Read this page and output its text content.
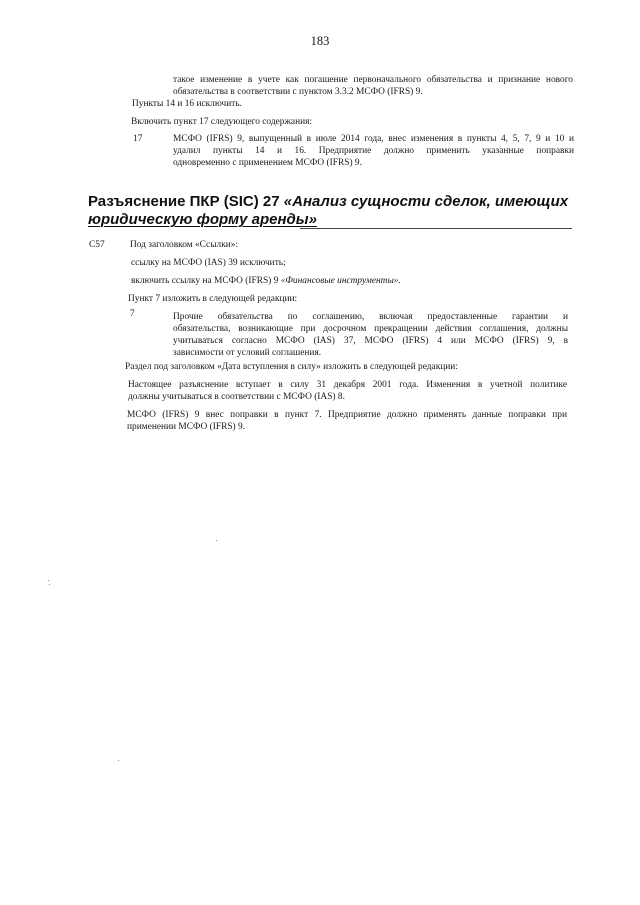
183
такое изменение в учете как погашение первоначального обязательства и признание нового
обязательства в соответствии с пунктом 3.3.2 МСФО (IFRS) 9.
Пункты 14 и 16 исключить.
Включить пункт 17 следующего содержания:
17	МСФО (IFRS) 9, выпущенный в июле 2014 года, внес изменения в пункты 4, 5, 7, 9 и 10 и
удалил пункты 14 и 16. Предприятие должно применить указанные поправки
одновременно с применением МСФО (IFRS) 9.
Разъяснение ПКР (SIC) 27 «Анализ сущности сделок, имеющих
юридическую форму аренды»
С57	Под заголовком «Ссылки»:
ссылку на МСФО (IAS) 39 исключить;
включить ссылку на МСФО (IFRS) 9 «Финансовые инструменты».
Пункт 7 изложить в следующей редакции:
7	Прочие обязательства по соглашению, включая предоставленные гарантии и
обязательства, возникающие при досрочном прекращении действия соглашения, должны
учитываться согласно МСФО (IAS) 37, МСФО (IFRS) 4 или МСФО (IFRS) 9, в
зависимости от условий соглашения.
Раздел под заголовком «Дата вступления в силу» изложить в следующей редакции:
Настоящее разъяснение вступает в силу 31 декабря 2001 года. Изменения в учетной политике
должны учитываться в соответствии с МСФО (IAS) 8.
МСФО (IFRS) 9 внес поправки в пункт 7. Предприятие должно применять данные поправки при
применении МСФО (IFRS) 9.
